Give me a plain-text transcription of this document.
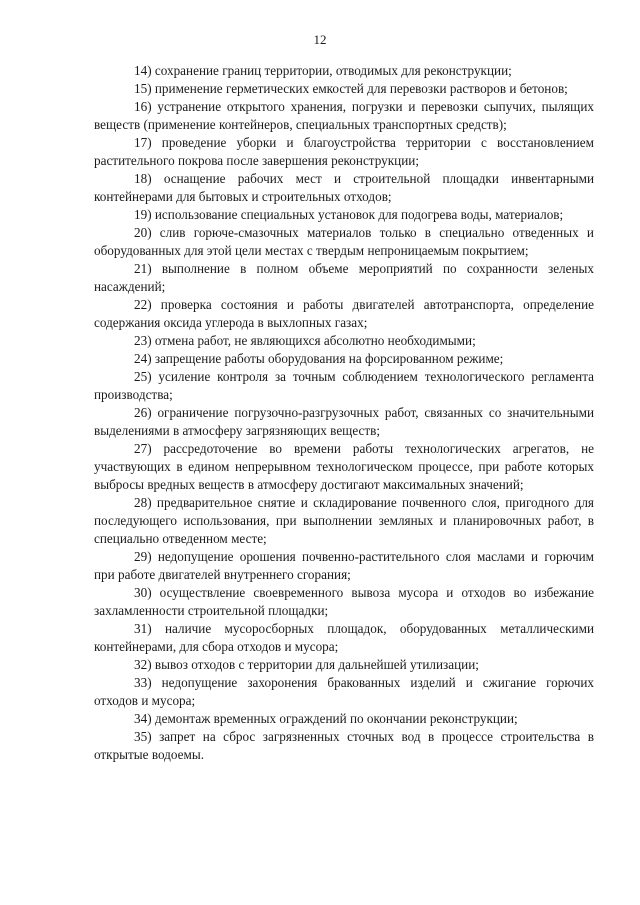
12

14) сохранение границ территории, отводимых для реконструкции;

15) применение герметических емкостей для перевозки растворов и бетонов;

16) устранение открытого хранения, погрузки и перевозки сыпучих, пылящих веществ (применение контейнеров, специальных транспортных средств);

17) проведение уборки и благоустройства территории с восстановлением растительного покрова после завершения реконструкции;

18) оснащение рабочих мест и строительной площадки инвентарными контейнерами для бытовых и строительных отходов;

19) использование специальных установок для подогрева воды, материалов;

20) слив горюче-смазочных материалов только в специально отведенных и оборудованных для этой цели местах с твердым непроницаемым покрытием;

21) выполнение в полном объеме мероприятий по сохранности зеленых насаждений;

22) проверка состояния и работы двигателей автотранспорта, определение содержания оксида углерода в выхлопных газах;

23) отмена работ, не являющихся абсолютно необходимыми;

24) запрещение работы оборудования на форсированном режиме;

25) усиление контроля за точным соблюдением технологического регламента производства;

26) ограничение погрузочно-разгрузочных работ, связанных со значительными выделениями в атмосферу загрязняющих веществ;

27) рассредоточение во времени работы технологических агрегатов, не участвующих в едином непрерывном технологическом процессе, при работе которых выбросы вредных веществ в атмосферу достигают максимальных значений;

28) предварительное снятие и складирование почвенного слоя, пригодного для последующего использования, при выполнении земляных и планировочных работ, в специально отведенном месте;

29) недопущение орошения почвенно-растительного слоя маслами и горючим при работе двигателей внутреннего сгорания;

30) осуществление своевременного вывоза мусора и отходов во избежание захламленности строительной площадки;

31) наличие мусоросборных площадок, оборудованных металлическими контейнерами, для сбора отходов и мусора;

32) вывоз отходов с территории для дальнейшей утилизации;

33) недопущение захоронения бракованных изделий и сжигание горючих отходов и мусора;

34) демонтаж временных ограждений по окончании реконструкции;

35) запрет на сброс загрязненных сточных вод в процессе строительства в открытые водоемы.
